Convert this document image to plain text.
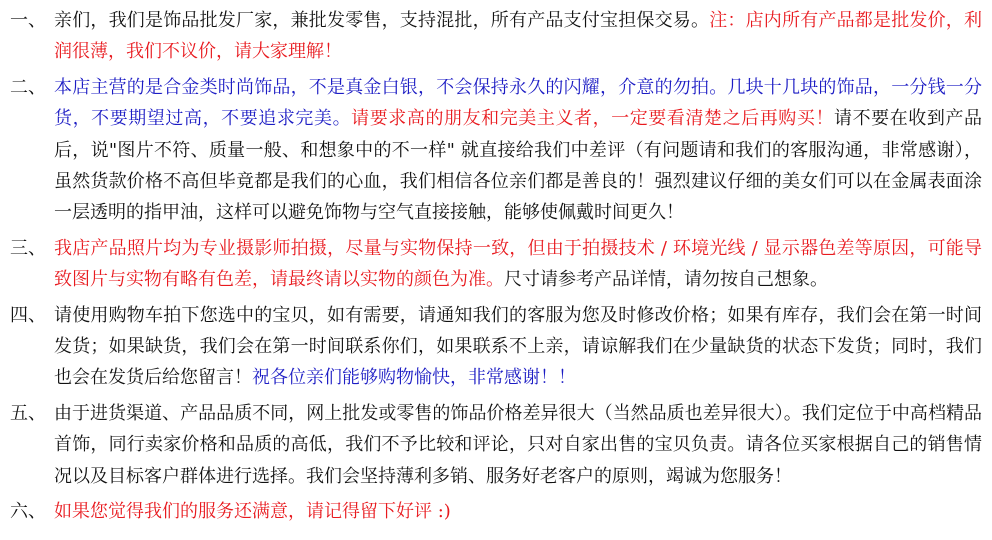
一、 亲们，我们是饰品批发厂家，兼批发零售，支持混批，所有产品支付宝担保交易。注：店内所有产品都是批发价，利润很薄，我们不议价，请大家理解！
二、 本店主营的是合金类时尚饰品，不是真金白银，不会保持永久的闪耀，介意的勿拍。几块十几块的饰品，一分钱一分货，不要期望过高，不要追求完美。请要求高的朋友和完美主义者，一定要看清楚之后再购买！请不要在收到产品后，说"图片不符、质量一般、和想象中的不一样" 就直接给我们中差评（有问题请和我们的客服沟通，非常感谢），虽然货款价格不高但毕竟都是我们的心血，我们相信各位亲们都是善良的！强烈建议仔细的美女们可以在金属表面涂一层透明的指甲油，这样可以避免饰物与空气直接接触，能够使佩戴时间更久！
三、 我店产品照片均为专业摄影师拍摄，尽量与实物保持一致，但由于拍摄技术 / 环境光线 / 显示器色差等原因，可能导致图片与实物有略有色差，请最终请以实物的颜色为准。尺寸请参考产品详情，请勿按自己想象。
四、 请使用购物车拍下您选中的宝贝，如有需要，请通知我们的客服为您及时修改价格；如果有库存，我们会在第一时间发货；如果缺货，我们会在第一时间联系你们，如果联系不上亲，请谅解我们在少量缺货的状态下发货；同时，我们也会在发货后给您留言！祝各位亲们能够购物愉快，非常感谢！！
五、 由于进货渠道、产品品质不同，网上批发或零售的饰品价格差异很大（当然品质也差异很大）。我们定位于中高档精品首饰，同行卖家价格和品质的高低，我们不予比较和评论，只对自家出售的宝贝负责。请各位买家根据自己的销售情况以及目标客户群体进行选择。我们会坚持薄利多销、服务好老客户的原则，竭诚为您服务！
六、 如果您觉得我们的服务还满意，请记得留下好评 :)
